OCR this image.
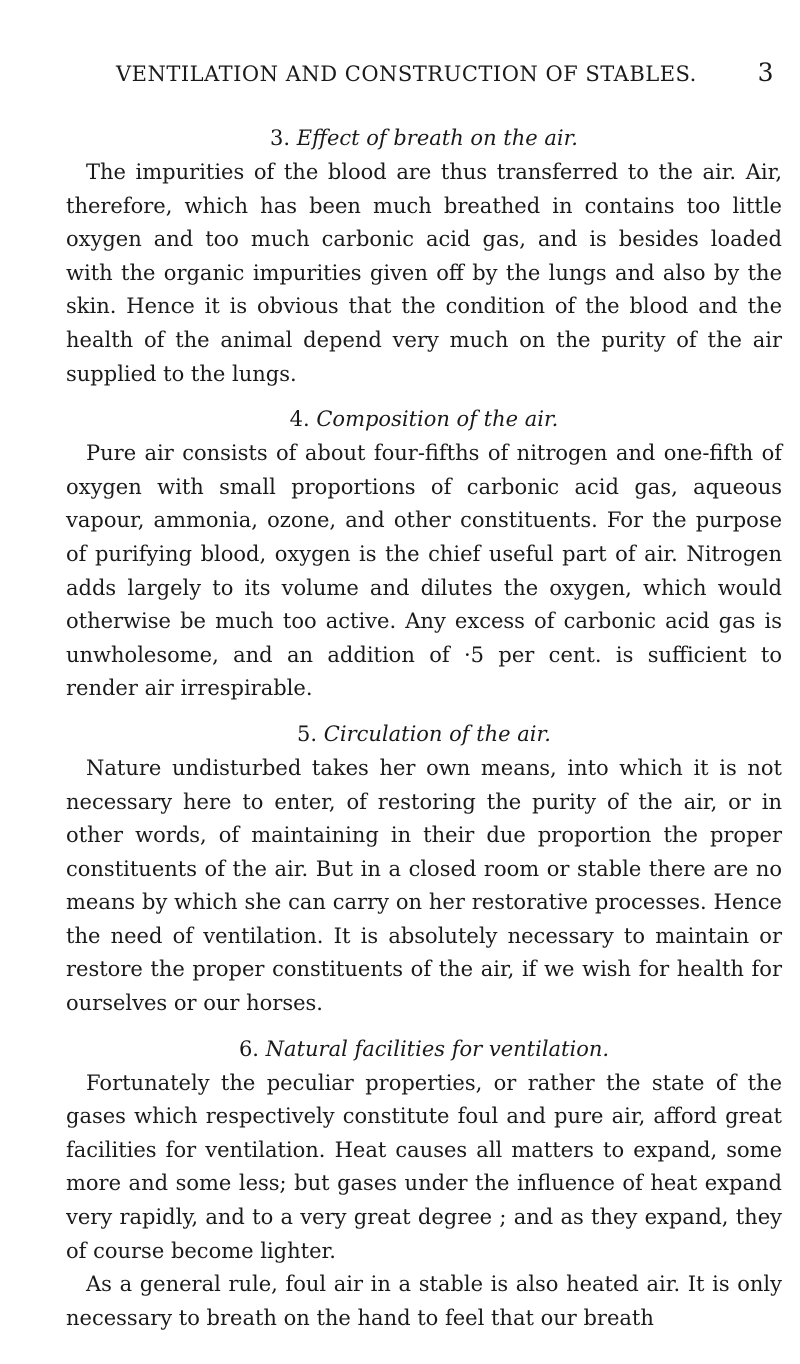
VENTILATION AND CONSTRUCTION OF STABLES. 3
3. Effect of breath on the air.

The impurities of the blood are thus transferred to the air. Air, therefore, which has been much breathed in contains too little oxygen and too much carbonic acid gas, and is besides loaded with the organic impurities given off by the lungs and also by the skin. Hence it is obvious that the condition of the blood and the health of the animal depend very much on the purity of the air supplied to the lungs.

4. Composition of the air.

Pure air consists of about four-fifths of nitrogen and one-fifth of oxygen with small proportions of carbonic acid gas, aqueous vapour, ammonia, ozone, and other constituents. For the purpose of purifying blood, oxygen is the chief useful part of air. Nitrogen adds largely to its volume and dilutes the oxygen, which would otherwise be much too active. Any excess of carbonic acid gas is unwholesome, and an addition of ·5 per cent. is sufficient to render air irrespirable.

5. Circulation of the air.

Nature undisturbed takes her own means, into which it is not necessary here to enter, of restoring the purity of the air, or in other words, of maintaining in their due proportion the proper constituents of the air. But in a closed room or stable there are no means by which she can carry on her restorative processes. Hence the need of ventilation. It is absolutely necessary to maintain or restore the proper constituents of the air, if we wish for health for ourselves or our horses.

6. Natural facilities for ventilation.

Fortunately the peculiar properties, or rather the state of the gases which respectively constitute foul and pure air, afford great facilities for ventilation. Heat causes all matters to expand, some more and some less; but gases under the influence of heat expand very rapidly, and to a very great degree ; and as they expand, they of course become lighter.

As a general rule, foul air in a stable is also heated air. It is only necessary to breath on the hand to feel that our breath
